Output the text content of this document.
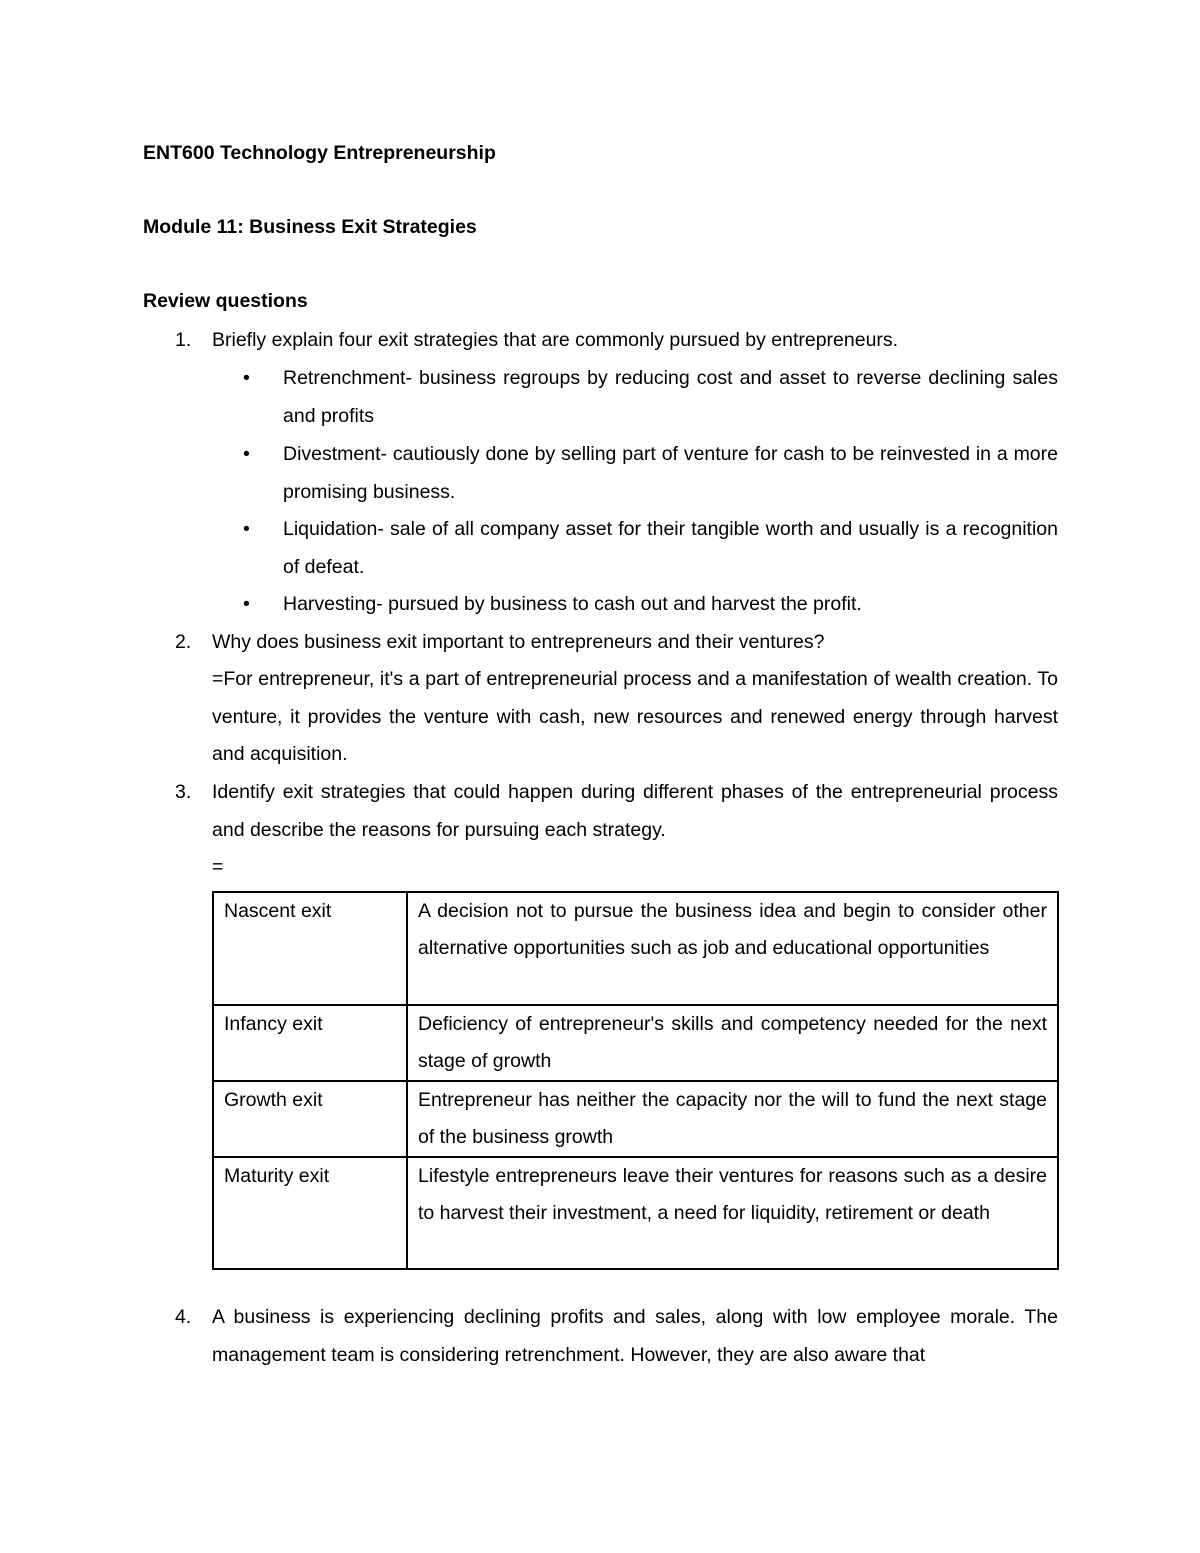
ENT600 Technology Entrepreneurship
Module 11: Business Exit Strategies
Review questions
1. Briefly explain four exit strategies that are commonly pursued by entrepreneurs.
• Retrenchment- business regroups by reducing cost and asset to reverse declining sales and profits
• Divestment- cautiously done by selling part of venture for cash to be reinvested in a more promising business.
• Liquidation- sale of all company asset for their tangible worth and usually is a recognition of defeat.
• Harvesting- pursued by business to cash out and harvest the profit.
2. Why does business exit important to entrepreneurs and their ventures?
=For entrepreneur, it's a part of entrepreneurial process and a manifestation of wealth creation. To venture, it provides the venture with cash, new resources and renewed energy through harvest and acquisition.
3. Identify exit strategies that could happen during different phases of the entrepreneurial process and describe the reasons for pursuing each strategy.
=
Nascent exit	A decision not to pursue the business idea and begin to consider other alternative opportunities such as job and educational opportunities
Infancy exit	Deficiency of entrepreneur's skills and competency needed for the next stage of growth
Growth exit	Entrepreneur has neither the capacity nor the will to fund the next stage of the business growth
Maturity exit	Lifestyle entrepreneurs leave their ventures for reasons such as a desire to harvest their investment, a need for liquidity, retirement or death
4. A business is experiencing declining profits and sales, along with low employee morale. The management team is considering retrenchment. However, they are also aware that
